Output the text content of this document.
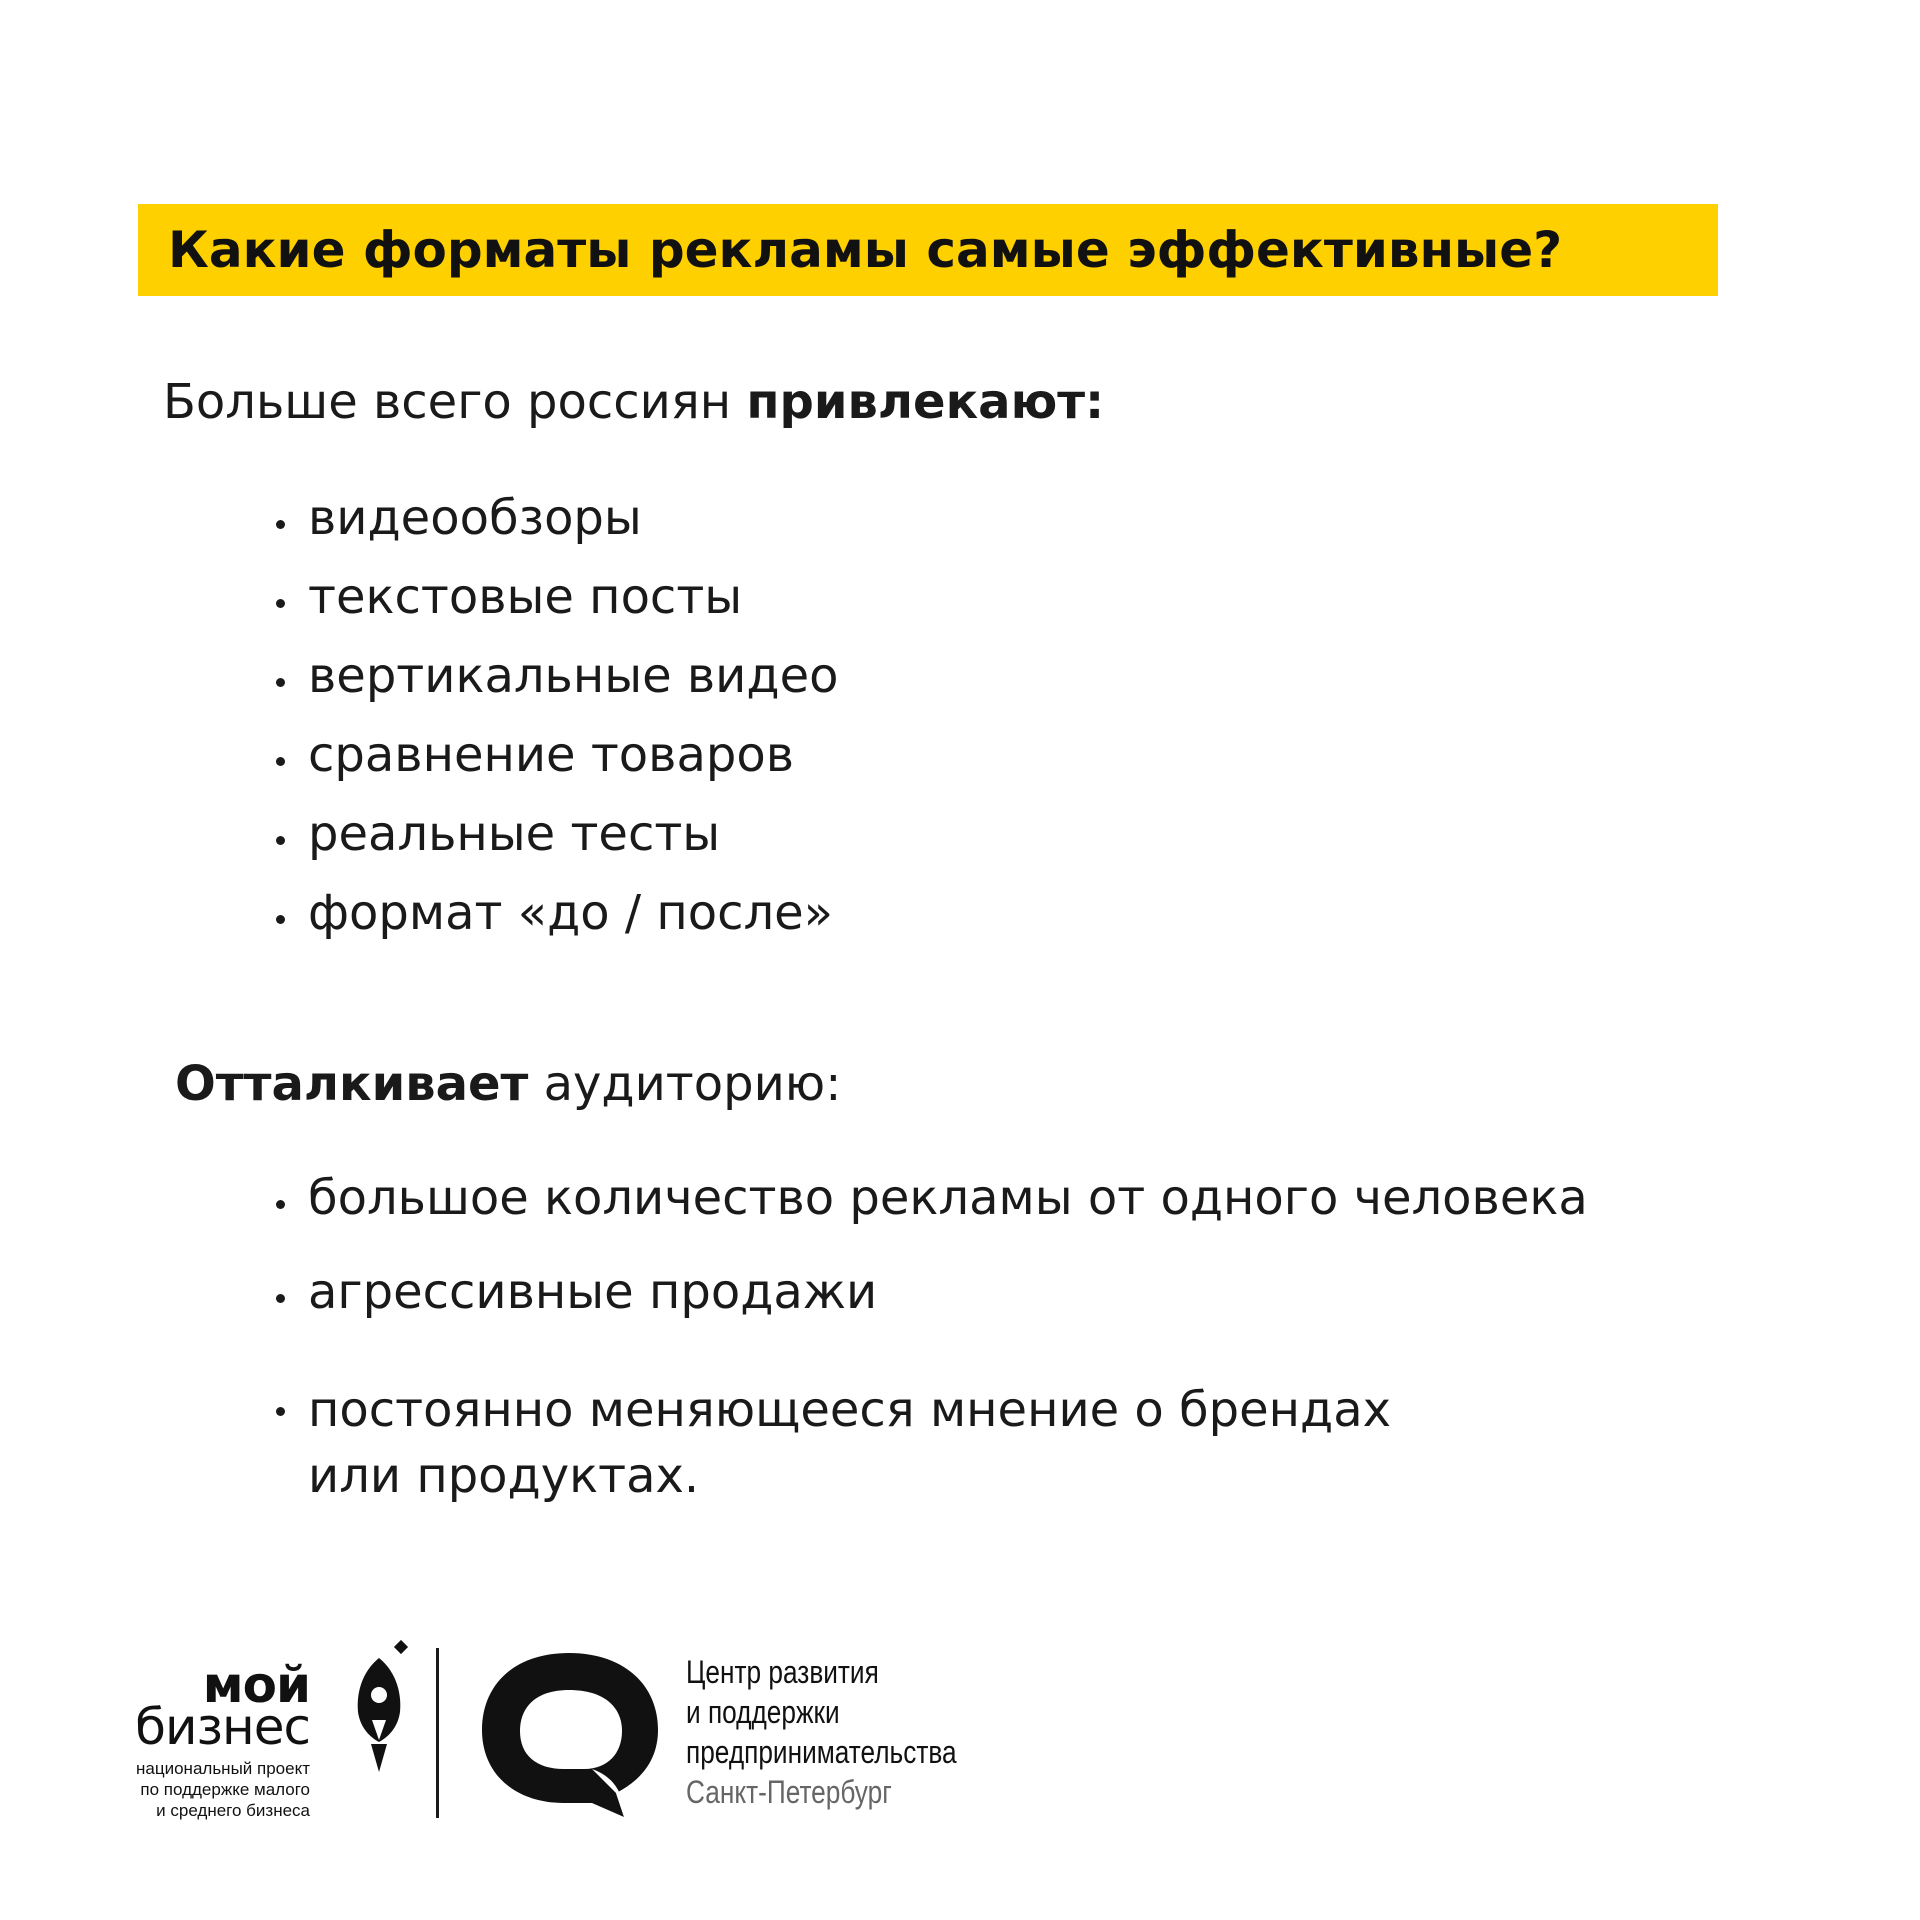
Какие форматы рекламы самые эффективные?
Больше всего россиян привлекают:
видеообзоры
текстовые посты
вертикальные видео
сравнение товаров
реальные тесты
формат «до / после»
Отталкивает аудиторию:
большое количество рекламы от одного человека
агрессивные продажи
постоянно меняющееся мнение о брендах
или продуктах.
мой
бизнес
национальный проект
по поддержке малого
и среднего бизнеса
Центр развития
и поддержки
предпринимательства
Санкт-Петербург
